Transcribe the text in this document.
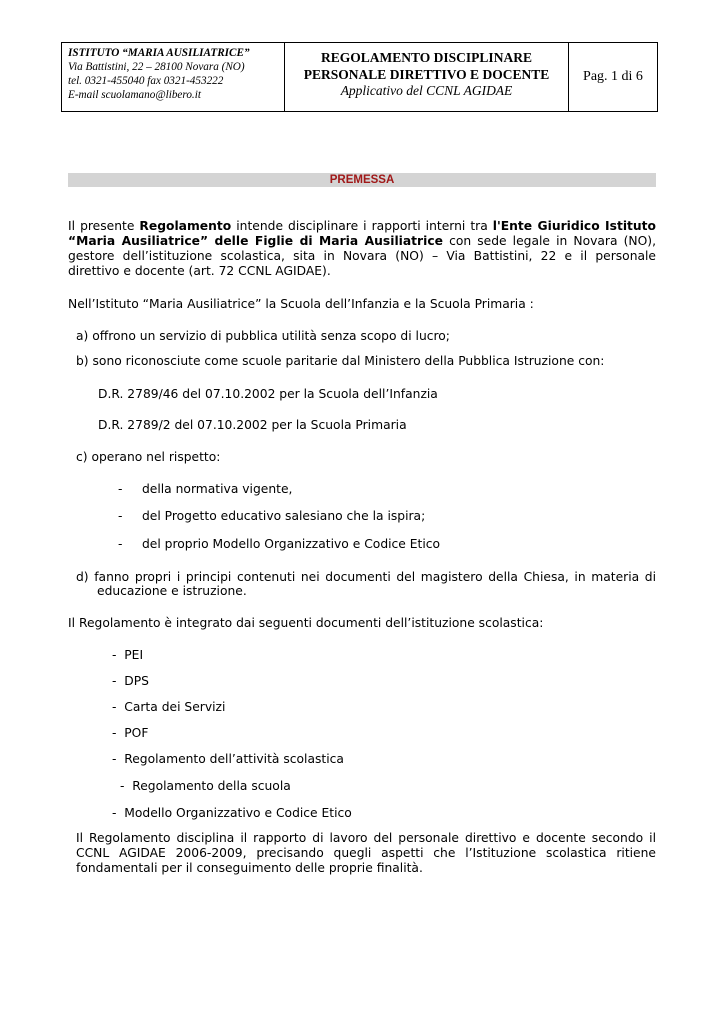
ISTITUTO “MARIA AUSILIATRICE”
Via Battistini, 22 – 28100 Novara (NO)
tel. 0321-455040 fax 0321-453222
E-mail scuolamano@libero.it
REGOLAMENTO DISCIPLINARE
PERSONALE DIRETTIVO E DOCENTE
Applicativo del CCNL AGIDAE
Pag. 1 di 6
PREMESSA

Il presente Regolamento intende disciplinare i rapporti interni tra l'Ente Giuridico Istituto

“Maria Ausiliatrice” delle Figlie di Maria Ausiliatrice con sede legale in Novara (NO),

gestore dell’istituzione scolastica, sita in Novara (NO) – Via Battistini, 22 e il personale

direttivo e docente (art. 72 CCNL AGIDAE).

Nell’Istituto “Maria Ausiliatrice” la Scuola dell’Infanzia e la Scuola Primaria :

a) offrono un servizio di pubblica utilità senza scopo di lucro;

b) sono riconosciute come scuole paritarie dal Ministero della Pubblica Istruzione con:

D.R. 2789/46 del 07.10.2002 per la Scuola dell’Infanzia

D.R. 2789/2 del 07.10.2002 per la Scuola Primaria

c) operano nel rispetto:

-     della normativa vigente,

-     del Progetto educativo salesiano che la ispira;

-     del proprio Modello Organizzativo e Codice Etico

d) fanno propri i principi contenuti nei documenti del magistero della Chiesa, in materia di

educazione e istruzione.

Il Regolamento è integrato dai seguenti documenti dell’istituzione scolastica:

-  PEI

-  DPS

-  Carta dei Servizi

-  POF

-  Regolamento dell’attività scolastica

-  Regolamento della scuola

-  Modello Organizzativo e Codice Etico

Il Regolamento disciplina il rapporto di lavoro del personale direttivo e docente secondo il

CCNL AGIDAE 2006-2009, precisando quegli aspetti che l’Istituzione scolastica ritiene

fondamentali per il conseguimento delle proprie finalità.
